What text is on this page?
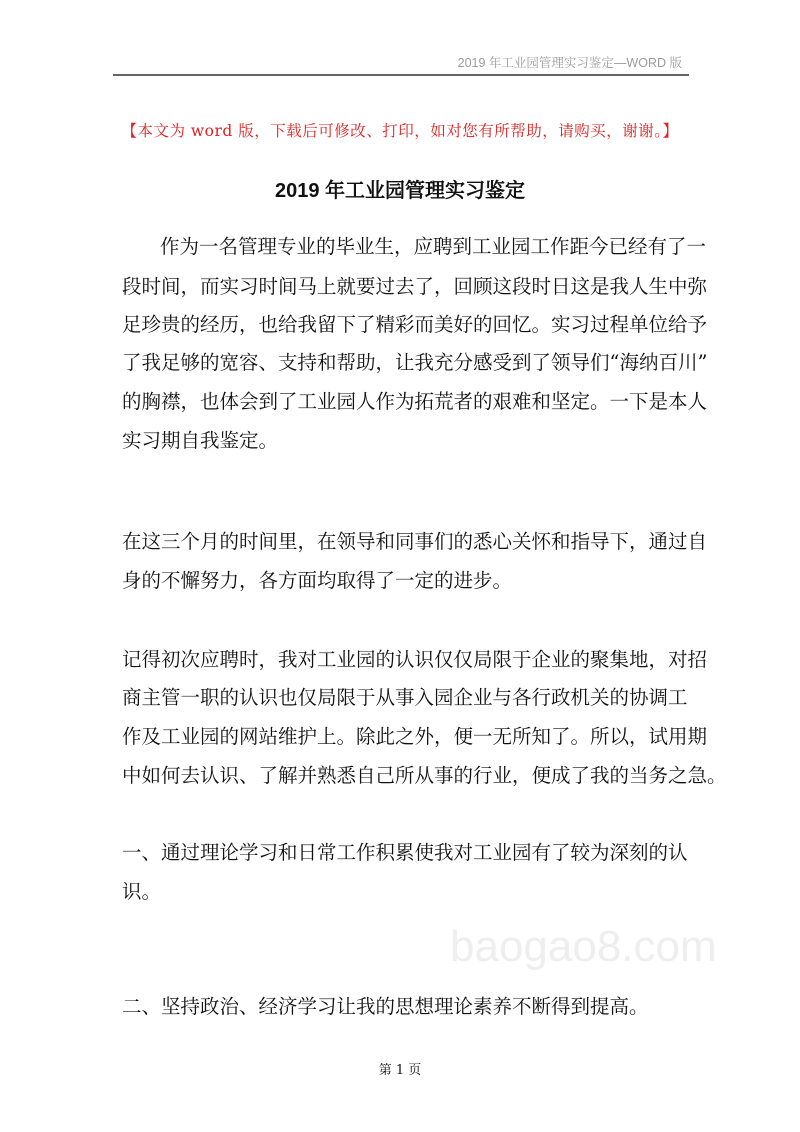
2019 年工业园管理实习鉴定—WORD 版
【本文为 word 版，下载后可修改、打印，如对您有所帮助，请购买，谢谢。】
2019 年工业园管理实习鉴定
baogao8.com
作为一名管理专业的毕业生，应聘到工业园工作距今已经有了一
段时间，而实习时间马上就要过去了，回顾这段时日这是我人生中弥
足珍贵的经历，也给我留下了精彩而美好的回忆。实习过程单位给予
了我足够的宽容、支持和帮助，让我充分感受到了领导们“海纳百川”
的胸襟，也体会到了工业园人作为拓荒者的艰难和坚定。一下是本人
实习期自我鉴定。
在这三个月的时间里，在领导和同事们的悉心关怀和指导下，通过自
身的不懈努力，各方面均取得了一定的进步。
记得初次应聘时，我对工业园的认识仅仅局限于企业的聚集地，对招
商主管一职的认识也仅局限于从事入园企业与各行政机关的协调工
作及工业园的网站维护上。除此之外，便一无所知了。所以，试用期
中如何去认识、了解并熟悉自己所从事的行业，便成了我的当务之急。
一、通过理论学习和日常工作积累使我对工业园有了较为深刻的认
识。
二、坚持政治、经济学习让我的思想理论素养不断得到提高。
第 1 页
